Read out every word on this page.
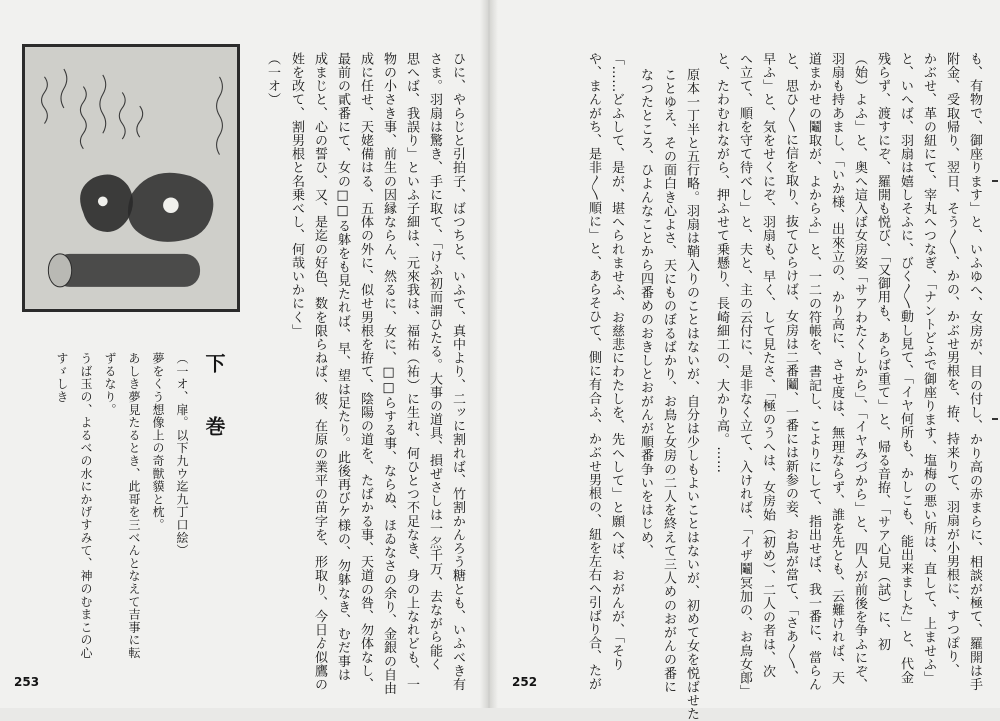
ひに、やらじと引拍子、ばつちと、いふて、真中より、二ッに割れば、竹割かんろう糖とも、いふべき有
さま。羽扇は驚き、手に取て、「けふ初而謂ひたる。大事の道具、損ぜさしは一𡖋千万、去ながら能く
思へば、我誤り」といふ子細は、元來我は、福祐（祐）に生れ、何ひとつ不足なき、身の上なれども、一
物の小さき事、前生の因縁ならん、然るに、女に、□□らする事、ならぬ、ほゐなさの余り、金銀の自由
成に任せ、天姥備はる、五体の外に、似せ男根を拵て、陰陽の道を、たばかる事、天道の咎、勿体なし、
最前の貳番にて、女の□□る躰をも見たれば、早、望は足たり。此後再びケ様の、勿躰なき、むだ事は
成まじと、心の誓ひ、又、是迄の好色、数を限らねば、彼、在原の業平の苗字を、形取り、今日ゟ似鷹の
姓を改て、割男根と名乗べし、何哉いかにく」
（一オ）
下 巻
（一オ、扉。以下九ウ迄九丁口絵）
夢をくう想像上の奇獣貘と枕。
あしき夢見たるとき、此哥を三べんとなえて吉事に転
ずるなり。
うば玉の、よるべの水にかげすみて、神のむまこの心
すゞしき
253	も、有物で、御座ります」と、いふゆへ、女房が、目の付し、かり高の赤まらに、相談が極て、羅開は手
附金、受取帰り、翌日、そう〳〵、かの、かぶせ男根を、拵、持来りて、羽扇が小男根に、すつぽり、
かぶせ、革の紐にて、宰丸へつなぎ、「ナントどふで御座ります、塩梅の悪い所は、直して、上ませふ」
と、いへば、羽扇は嬉しそふに、びく〳〵動し見て、「イヤ何所も、かしこも、能出来ました」と、代金
残らず、渡すにぞ、羅開も悦び、「又御用も、あらば重て」と、帰る音拵、「サア心見（試）に、初
（始）よふ」と、奥へ這入ば女房姿「サアわたくしから」、「イヤみづから」と、四人が前後を争ふにぞ、
羽扇も持あまし、「いか様、出來立の、かり高に、させ度は、無理ならず、誰を先とも、云難ければ、天
道まかせの鬮取が、よからふ」と、一二の符帳を、書記し、こよりにして、指出せば、我一番に、當らん
と、思ひ〳〵に信を取り、抜てひらけば、女房は二番鬮、一番には新参の妾、お鳥が當て、「さあ〳〵、
早ふ」と、気をせくにぞ、羽扇も、早く、して見たさ、「極のうへは、女房始（初め）、二人の者は、次
へ立て、順を守て待べし」と、夫と、主の云付に、是非なく立て、入ければ、「イザ鬮冥加の、お鳥女郎」
と、たわむれながら、押ふせて乗懸り、長崎細工の、大かり高。……
原本一丁半と五行略。羽扇は鞘入りのことはないが、自分は少しもよいことはないが、初めて女を悦ばせた
ことゆえ、その面白き心よさ、天にものぼるばかり、お鳥と女房の二人を終えて三人めのおがんの番に
なつたところ、ひよんなことから四番めのおきしとおがんが順番争いをはじめ、
「……どふして、是が、堪へられませふ、お慈悲にわたしを、先へして」と願へば、おがんが、「そり
や、まんがち、是非〳〵順に」と、あらそひて、側に有合ふ、かぶせ男根の、紐を左右へ引ばり合、たが
252
